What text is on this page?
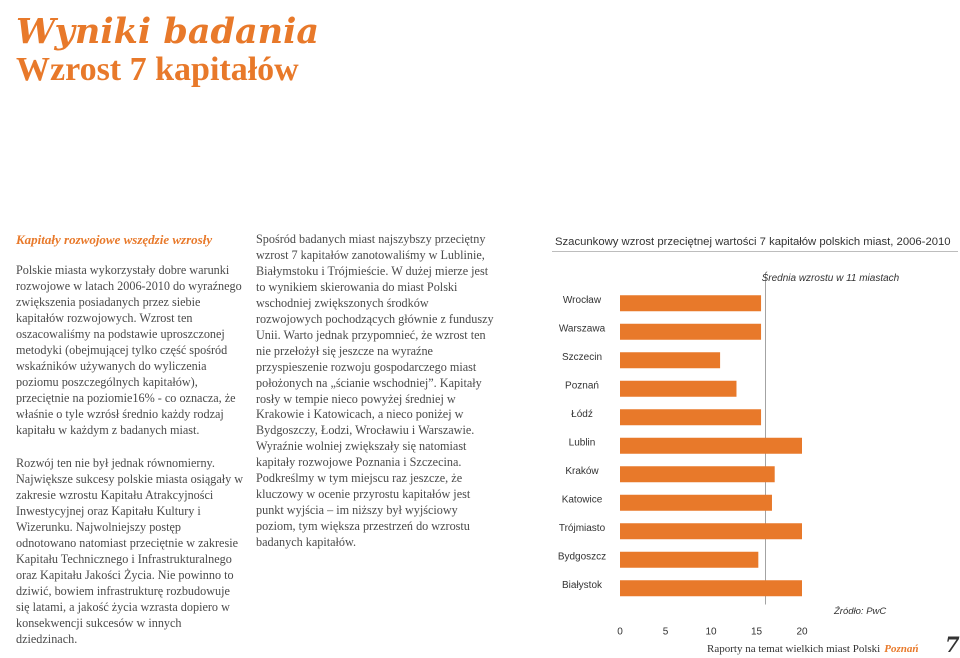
Wyniki badania
Wzrost 7 kapitałów

Kapitały rozwojowe wszędzie wzrosły

Polskie miasta wykorzystały dobre warunki rozwojowe w latach 2006-2010 do wyraźnego zwiększenia posiadanych przez siebie kapitałów rozwojowych. Wzrost ten oszacowaliśmy na podstawie uproszczonej metodyki (obejmującej tylko część spośród wskaźników używanych do wyliczenia poziomu poszczególnych kapitałów), przeciętnie na poziomie16% - co oznacza, że właśnie o tyle wzrósł średnio każdy rodzaj kapitału w każdym z badanych miast.

Rozwój ten nie był jednak równomierny. Największe sukcesy polskie miasta osiągały w zakresie wzrostu Kapitału Atrakcyjności Inwestycyjnej oraz Kapitału Kultury i Wizerunku. Najwolniejszy postęp odnotowano natomiast przeciętnie w zakresie Kapitału Technicznego i Infrastrukturalnego oraz Kapitału Jakości Życia. Nie powinno to dziwić, bowiem infrastrukturę rozbudowuje się latami, a jakość życia wzrasta dopiero w konsekwencji sukcesów w innych dziedzinach.

Spośród badanych miast najszybszy przeciętny wzrost 7 kapitałów zanotowaliśmy w Lublinie, Białymstoku i Trójmieście. W dużej mierze jest to wynikiem skierowania do miast Polski wschodniej zwiększonych środków rozwojowych pochodzących głównie z funduszy Unii. Warto jednak przypomnieć, że wzrost ten nie przełożył się jeszcze na wyraźne przyspieszenie rozwoju gospodarczego miast położonych na „ścianie wschodniej”. Kapitały rosły w tempie nieco powyżej średniej w Krakowie i Katowicach, a nieco poniżej w Bydgoszczy, Łodzi, Wrocławiu i Warszawie. Wyraźnie wolniej zwiększały się natomiast kapitały rozwojowe Poznania i Szczecina. Podkreślmy w tym miejscu raz jeszcze, że kluczowy w ocenie przyrostu kapitałów jest punkt wyjścia – im niższy był wyjściowy poziom, tym większa przestrzeń do wzrostu badanych kapitałów.

Szacunkowy wzrost przeciętnej wartości 7 kapitałów polskich miast, 2006-2010
Średnia wzrostu w 11 miastach
Wrocław
Warszawa
Szczecin
Poznań
Łódź
Lublin
Kraków
Katowice
Trójmiasto
Bydgoszcz
Białystok
0	5	10	15	20
Źródło: PwC
Raporty na temat wielkich miast Polski Poznań 7
